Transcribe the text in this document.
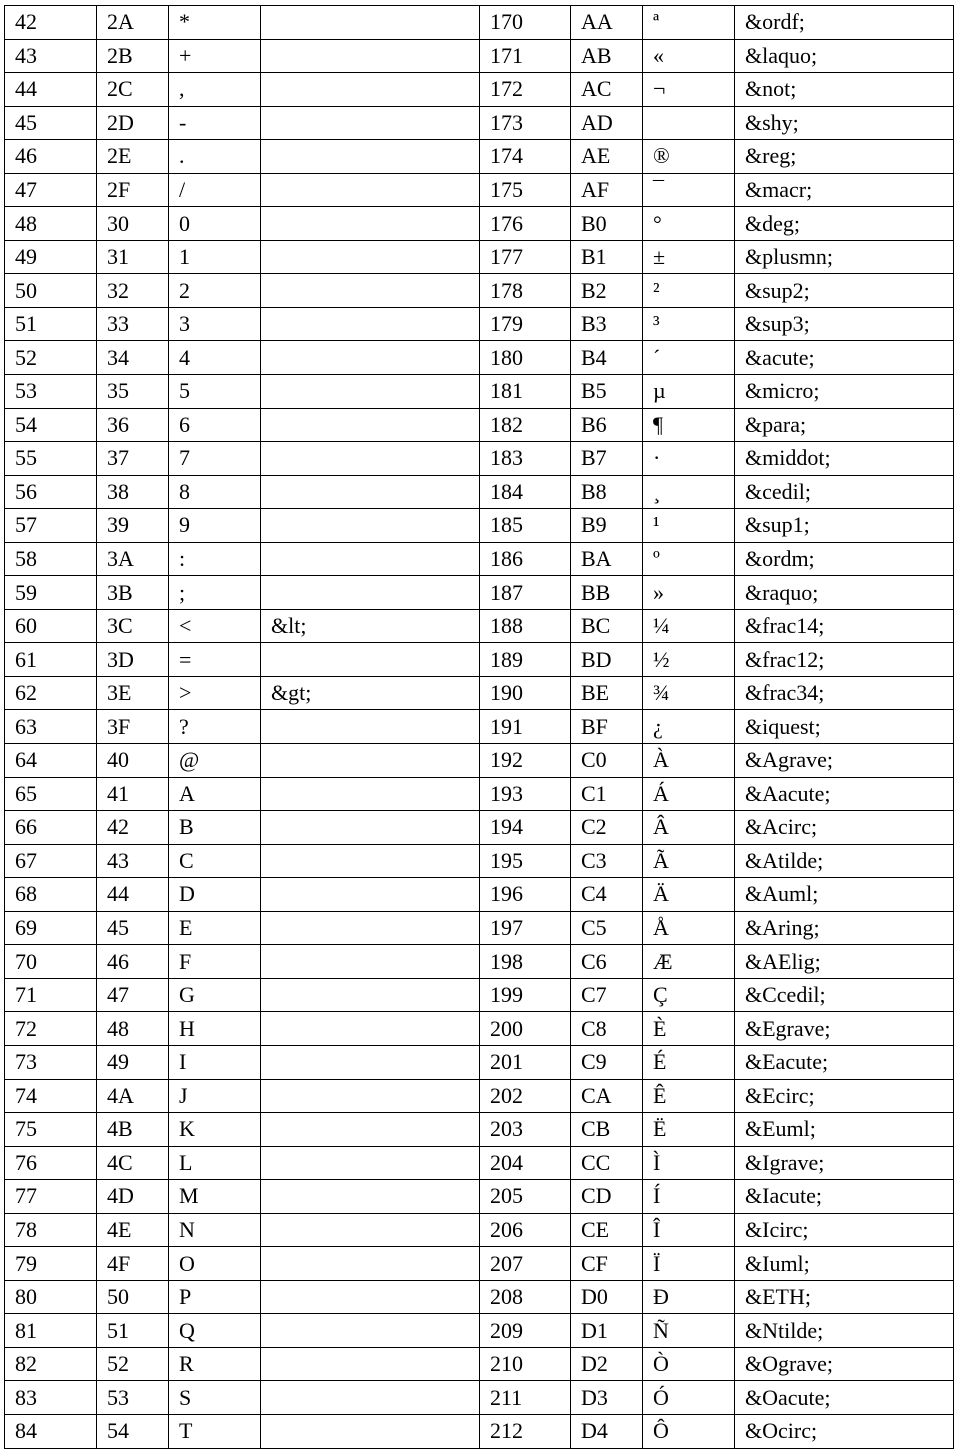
42	2A	*		170	AA	ª	&ordf;
43	2B	+		171	AB	«	&laquo;
44	2C	,		172	AC	¬	&not;
45	2D	-		173	AD		&shy;
46	2E	.		174	AE	®	&reg;
47	2F	/		175	AF	¯	&macr;
48	30	0		176	B0	°	&deg;
49	31	1		177	B1	±	&plusmn;
50	32	2		178	B2	²	&sup2;
51	33	3		179	B3	³	&sup3;
52	34	4		180	B4	´	&acute;
53	35	5		181	B5	µ	&micro;
54	36	6		182	B6	¶	&para;
55	37	7		183	B7	·	&middot;
56	38	8		184	B8	¸	&cedil;
57	39	9		185	B9	¹	&sup1;
58	3A	:		186	BA	º	&ordm;
59	3B	;		187	BB	»	&raquo;
60	3C	<	&lt;	188	BC	¼	&frac14;
61	3D	=		189	BD	½	&frac12;
62	3E	>	&gt;	190	BE	¾	&frac34;
63	3F	?		191	BF	¿	&iquest;
64	40	@		192	C0	À	&Agrave;
65	41	A		193	C1	Á	&Aacute;
66	42	B		194	C2	Â	&Acirc;
67	43	C		195	C3	Ã	&Atilde;
68	44	D		196	C4	Ä	&Auml;
69	45	E		197	C5	Å	&Aring;
70	46	F		198	C6	Æ	&AElig;
71	47	G		199	C7	Ç	&Ccedil;
72	48	H		200	C8	È	&Egrave;
73	49	I		201	C9	É	&Eacute;
74	4A	J		202	CA	Ê	&Ecirc;
75	4B	K		203	CB	Ë	&Euml;
76	4C	L		204	CC	Ì	&Igrave;
77	4D	M		205	CD	Í	&Iacute;
78	4E	N		206	CE	Î	&Icirc;
79	4F	O		207	CF	Ï	&Iuml;
80	50	P		208	D0	Ð	&ETH;
81	51	Q		209	D1	Ñ	&Ntilde;
82	52	R		210	D2	Ò	&Ograve;
83	53	S		211	D3	Ó	&Oacute;
84	54	T		212	D4	Ô	&Ocirc;
